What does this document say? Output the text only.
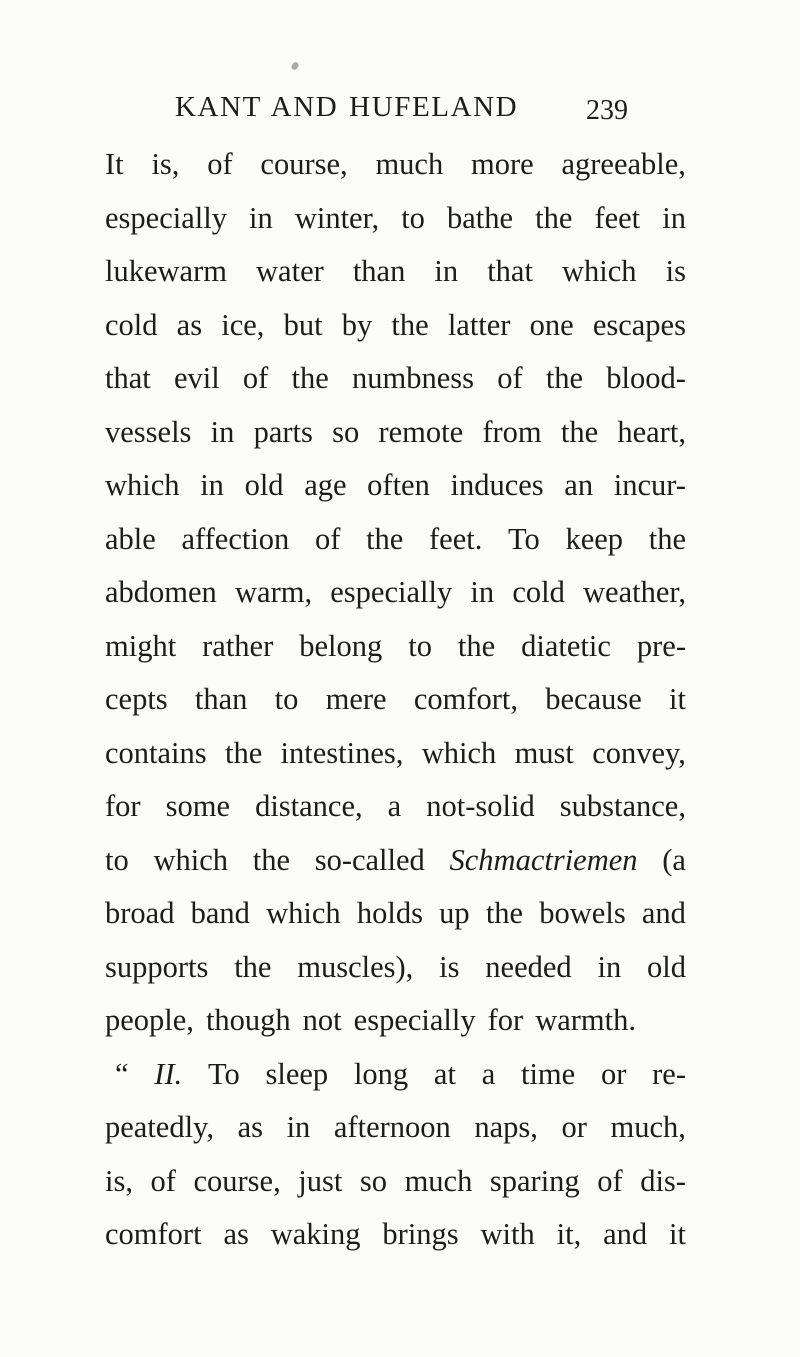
KANT AND HUFELAND 239
It is, of course, much more agreeable,
especially in winter, to bathe the feet in
lukewarm water than in that which is
cold as ice, but by the latter one escapes
that evil of the numbness of the blood-
vessels in parts so remote from the heart,
which in old age often induces an incur-
able affection of the feet. To keep the
abdomen warm, especially in cold weather,
might rather belong to the diatetic pre-
cepts than to mere comfort, because it
contains the intestines, which must convey,
for some distance, a not-solid substance,
to which the so-called Schmactriemen (a
broad band which holds up the bowels and
supports the muscles), is needed in old
people, though not especially for warmth.
“ II. To sleep long at a time or re-
peatedly, as in afternoon naps, or much,
is, of course, just so much sparing of dis-
comfort as waking brings with it, and it
